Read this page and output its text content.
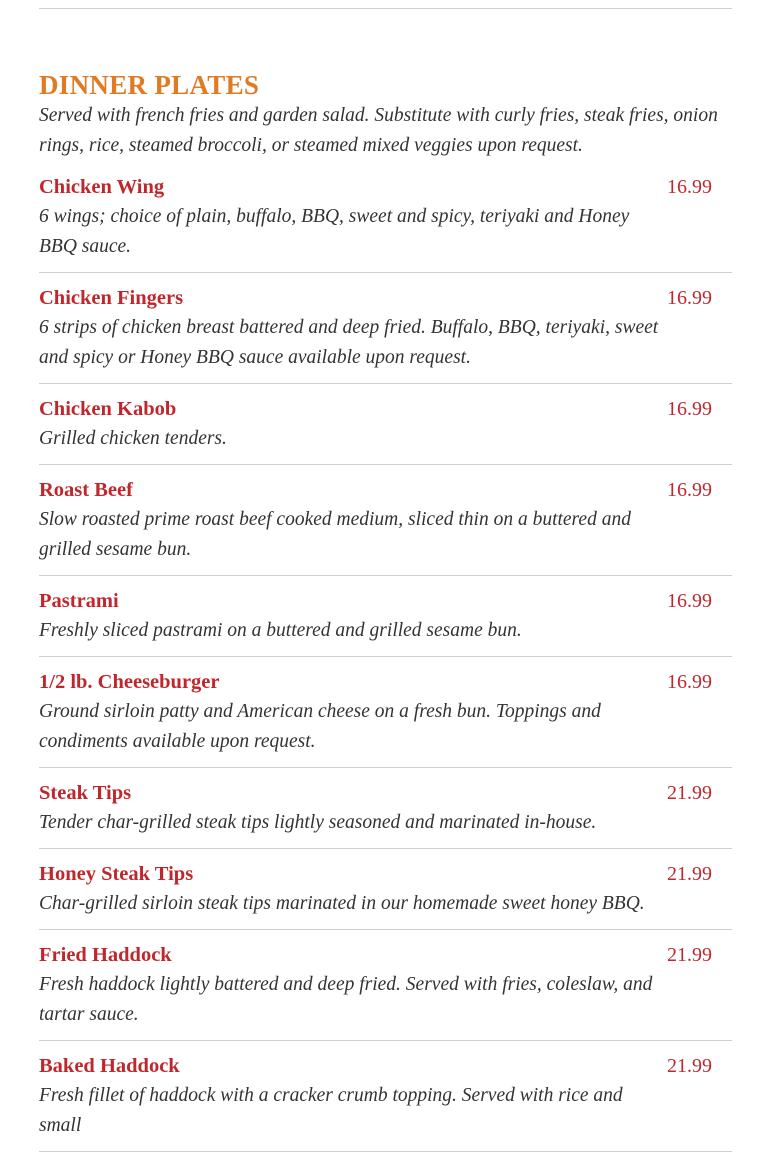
DINNER PLATES

Served with french fries and garden salad. Substitute with curly fries, steak fries, onion rings, rice, steamed broccoli, or steamed mixed veggies upon request.

Chicken Wing	16.99
6 wings; choice of plain, buffalo, BBQ, sweet and spicy, teriyaki and Honey BBQ sauce.
Chicken Fingers	16.99
6 strips of chicken breast battered and deep fried. Buffalo, BBQ, teriyaki, sweet and spicy or Honey BBQ sauce available upon request.
Chicken Kabob	16.99
Grilled chicken tenders.
Roast Beef	16.99
Slow roasted prime roast beef cooked medium, sliced thin on a buttered and grilled sesame bun.
Pastrami	16.99
Freshly sliced pastrami on a buttered and grilled sesame bun.
1/2 lb. Cheeseburger	16.99
Ground sirloin patty and American cheese on a fresh bun. Toppings and condiments available upon request.
Steak Tips	21.99
Tender char-grilled steak tips lightly seasoned and marinated in-house.
Honey Steak Tips	21.99
Char-grilled sirloin steak tips marinated in our homemade sweet honey BBQ.
Fried Haddock	21.99
Fresh haddock lightly battered and deep fried. Served with fries, coleslaw, and tartar sauce.
Baked Haddock	21.99
Fresh fillet of haddock with a cracker crumb topping. Served with rice and small
